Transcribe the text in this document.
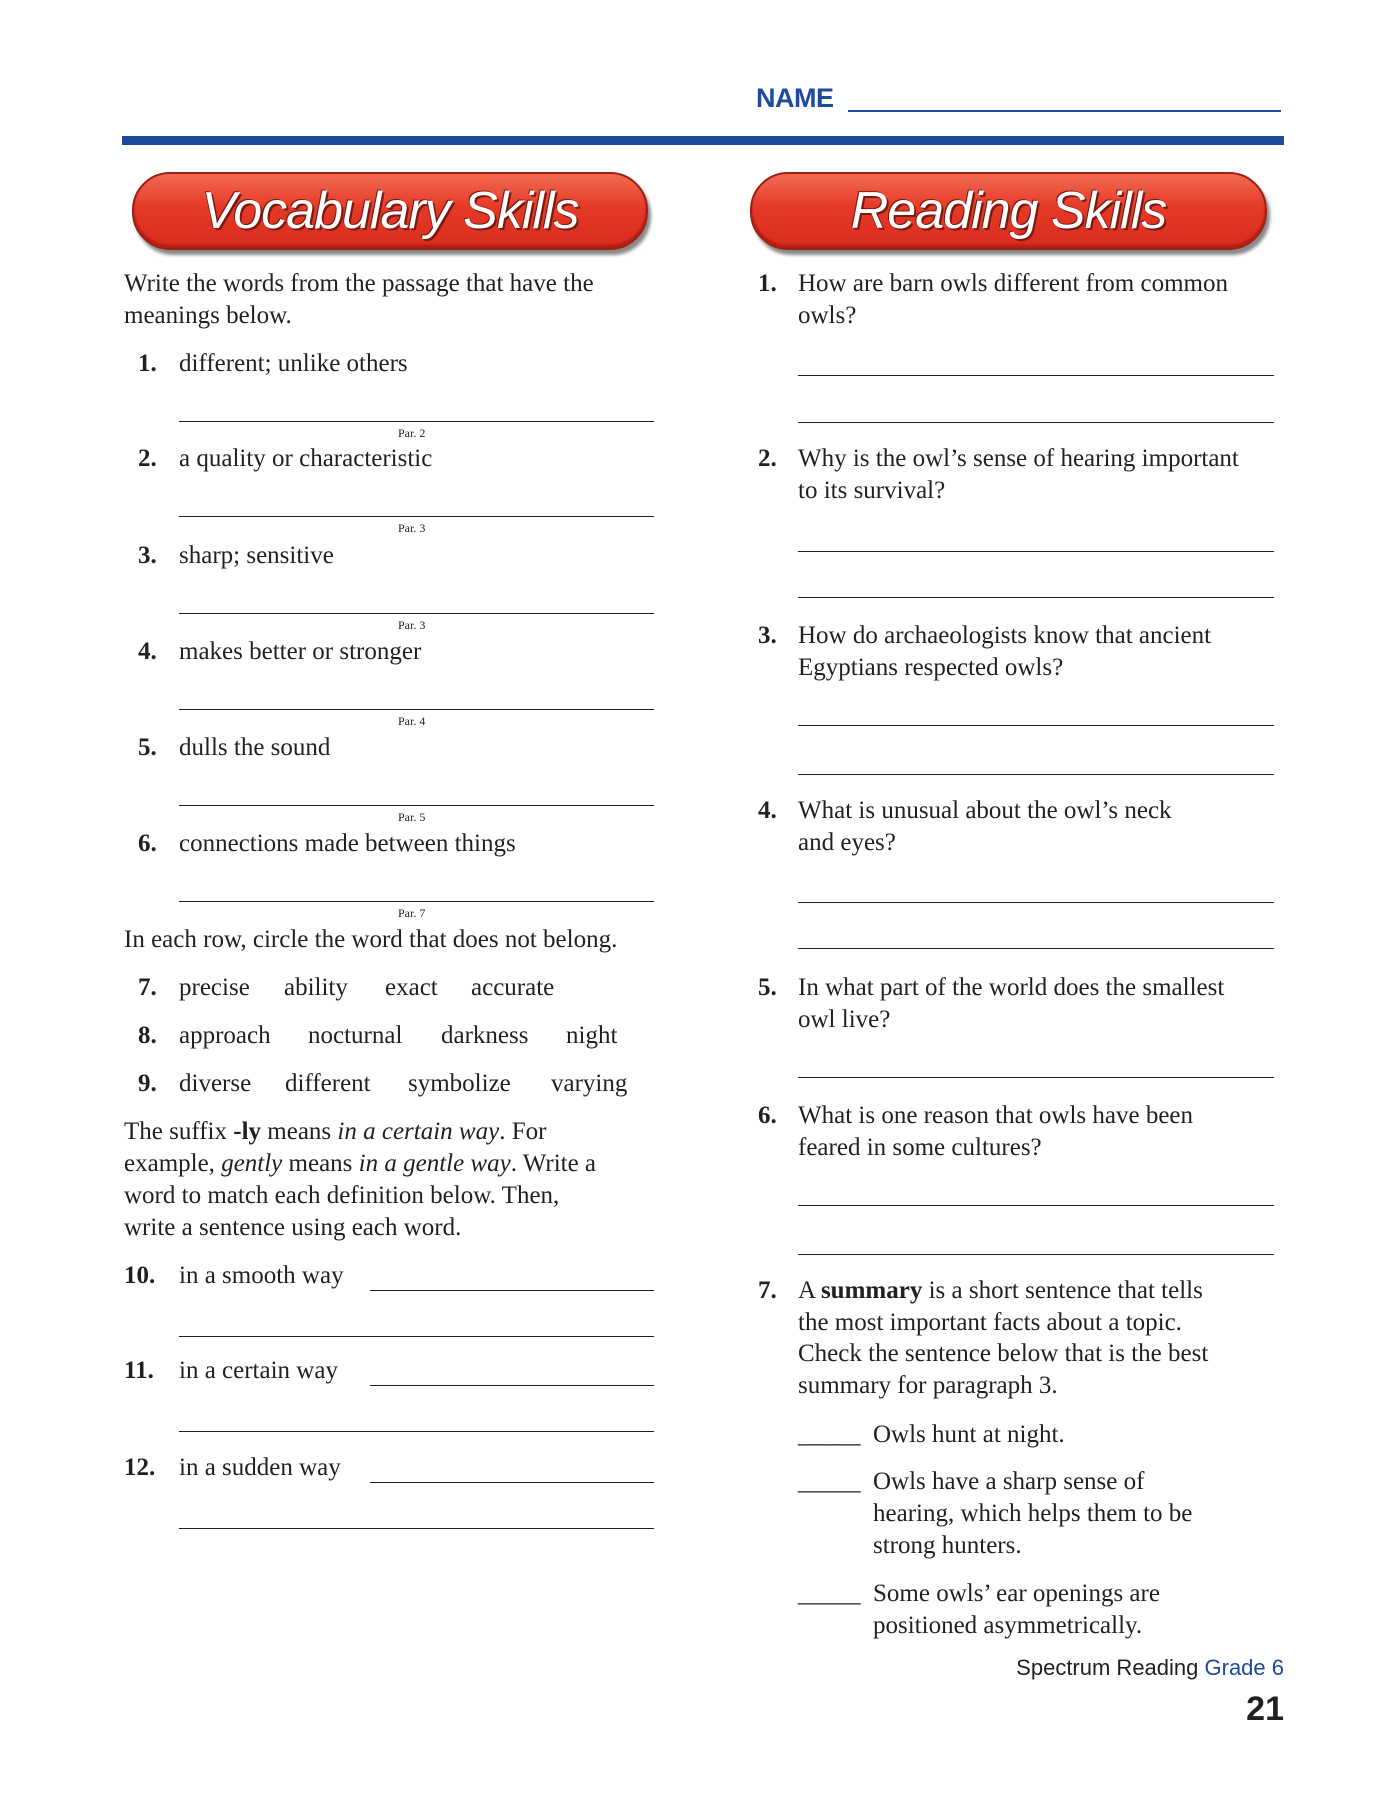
NAME
Vocabulary Skills	Reading Skills
The suffix -ly means in a certain way. For
example, gently means in a gentle way. Write a
word to match each definition below. Then,
write a sentence using each word.
7. A summary is a short sentence that tells
the most important facts about a topic.
Check the sentence below that is the best
summary for paragraph 3.
Spectrum Reading Grade 6
21
Write the words from the passage that have the
meanings below.
1. different; unlike others
Par. 2
2. a quality or characteristic
Par. 3
3. sharp; sensitive
Par. 3
4. makes better or stronger
Par. 4
5. dulls the sound
Par. 5
6. connections made between things
Par. 7
In each row, circle the word that does not belong.
7. precise ability exact accurate
8. approach nocturnal darkness night
9. diverse different symbolize varying
10. in a smooth way
11. in a certain way
12. in a sudden way
1. How are barn owls different from common
owls?
2. Why is the owl’s sense of hearing important
to its survival?
3. How do archaeologists know that ancient
Egyptians respected owls?
4. What is unusual about the owl’s neck
and eyes?
5. In what part of the world does the smallest
owl live?
6. What is one reason that owls have been
feared in some cultures?
_____ Owls hunt at night.
_____ Owls have a sharp sense of
hearing, which helps them to be
strong hunters.
_____ Some owls’ ear openings are
positioned asymmetrically.
